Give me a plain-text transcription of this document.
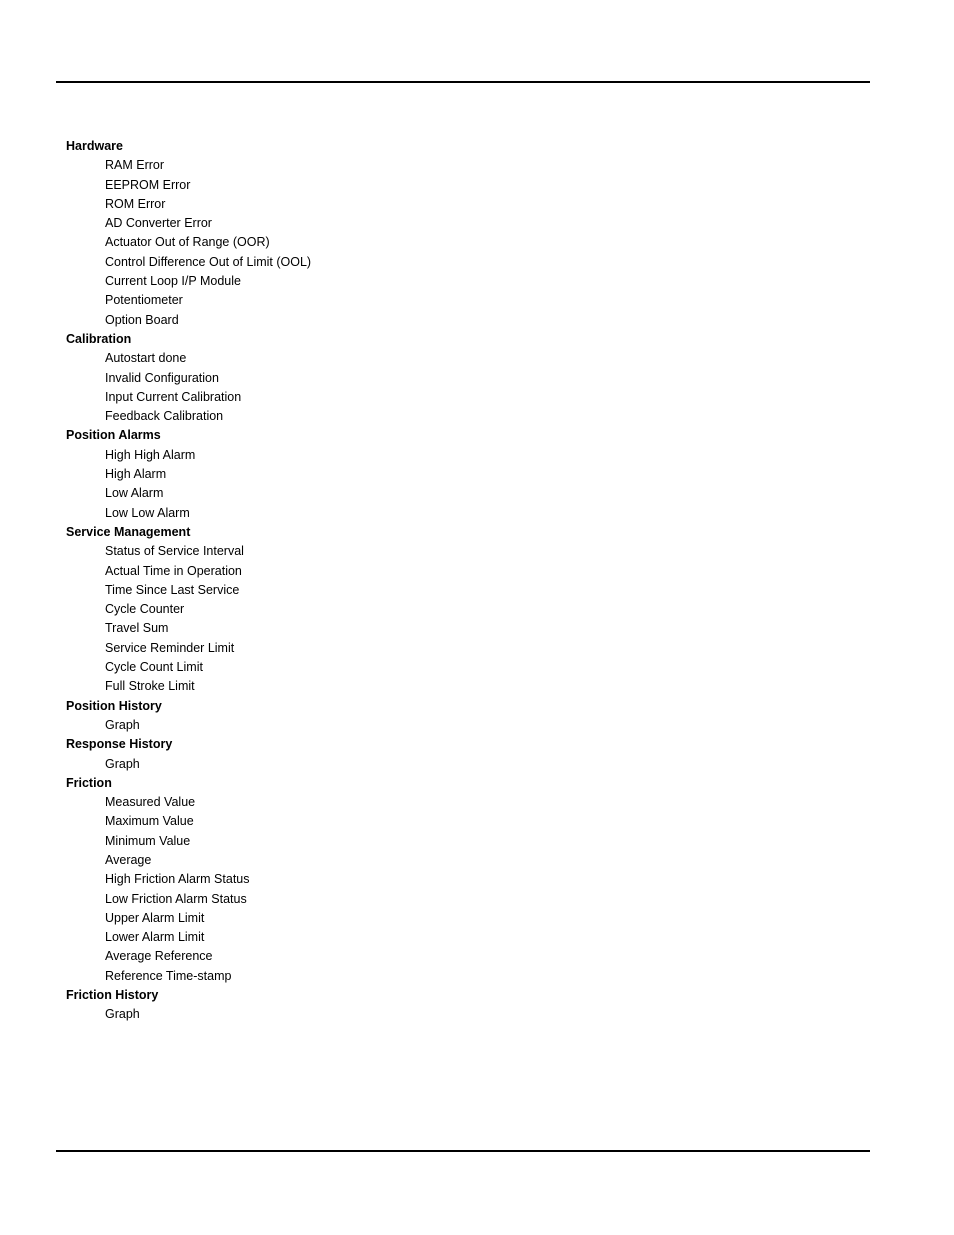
Hardware
RAM Error
EEPROM Error
ROM Error
AD Converter Error
Actuator Out of Range (OOR)
Control Difference Out of Limit (OOL)
Current Loop I/P Module
Potentiometer
Option Board
Calibration
Autostart done
Invalid Configuration
Input Current Calibration
Feedback Calibration
Position Alarms
High High Alarm
High Alarm
Low Alarm
Low Low Alarm
Service Management
Status of Service Interval
Actual Time in Operation
Time Since Last Service
Cycle Counter
Travel Sum
Service Reminder Limit
Cycle Count Limit
Full Stroke Limit
Position History
Graph
Response History
Graph
Friction
Measured Value
Maximum Value
Minimum Value
Average
High Friction Alarm Status
Low Friction Alarm Status
Upper Alarm Limit
Lower Alarm Limit
Average Reference
Reference Time-stamp
Friction History
Graph
